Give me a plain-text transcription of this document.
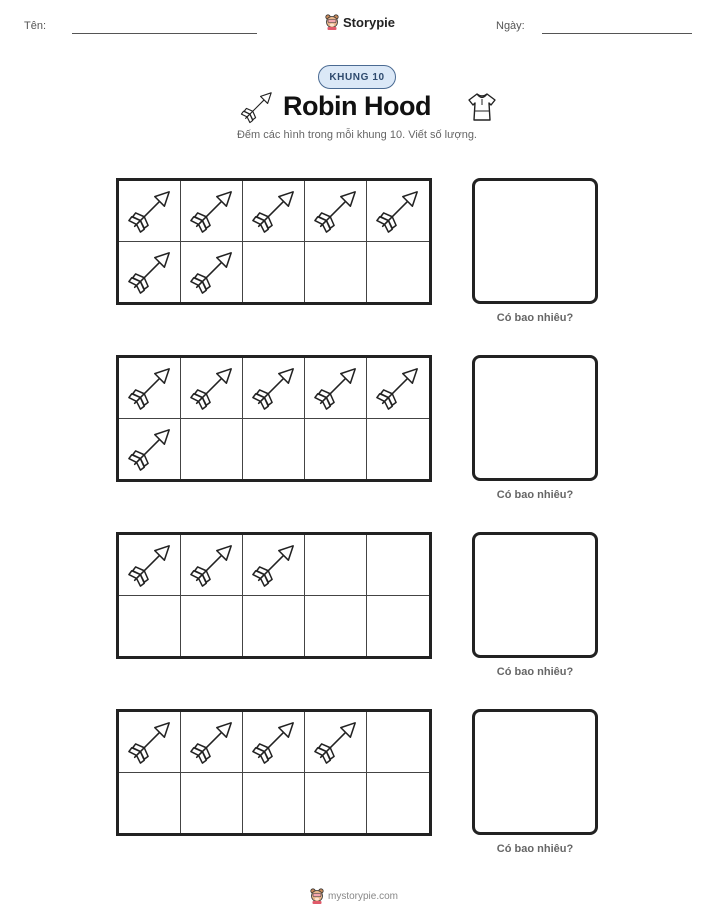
Tên:	Storypie	Ngày:
KHUNG 10
Robin Hood
Đếm các hình trong mỗi khung 10. Viết số lượng.
Có bao nhiêu?
Có bao nhiêu?
Có bao nhiêu?
Có bao nhiêu?
mystorypie.com
